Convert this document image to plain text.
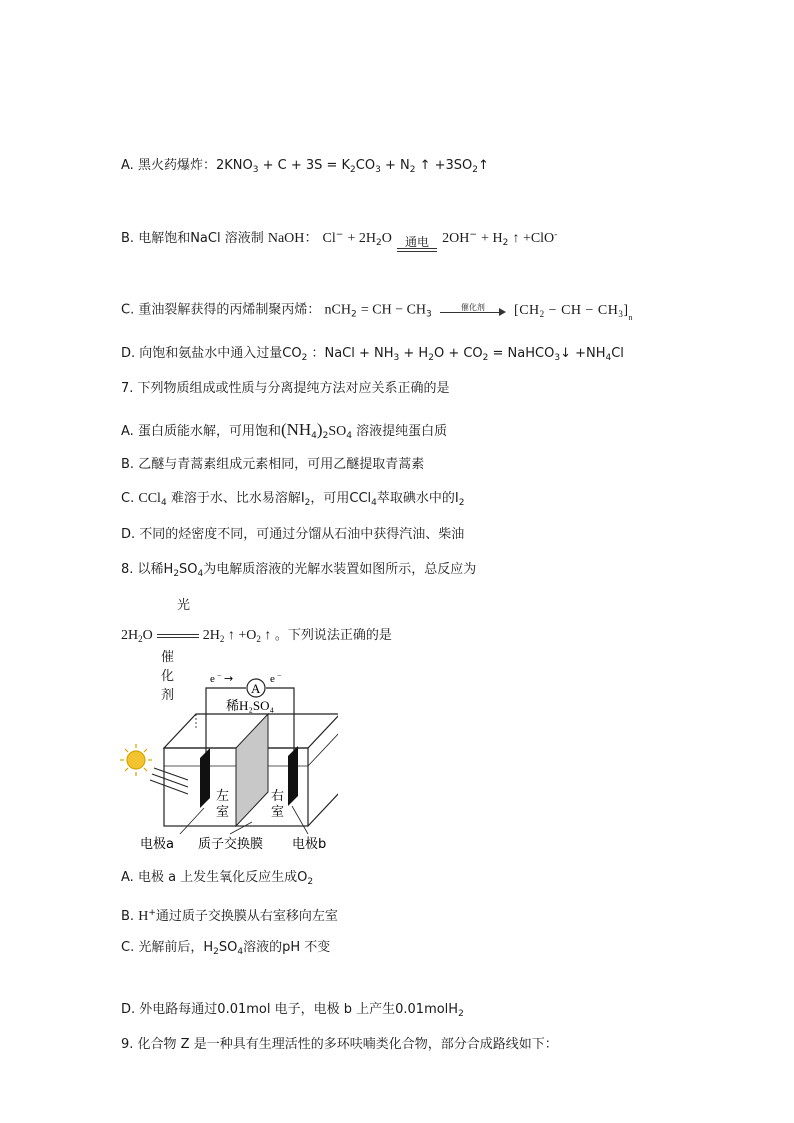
A. 黑火药爆炸：$2KNO_3 + C + 3S = K_2CO_3 + N_2$ ↑ $+3SO_2↑$
B. 电解饱和NaCl 溶液制 NaOH： $Cl^- + 2H_2O$	通电 $2OH^- + H_2$ ↑ +ClO-
C. 重油裂解获得的丙烯制聚丙烯： nCH$_2$ = CH − $CH_3$
催化剂	[$CH_2$ − CH − $CH_3]_n$
D. 向饱和氨盐水中通入过量$CO_2$ ：NaCl + $NH_3 + H_2O + CO_2$ = NaHCO$_3$↓ $+NH_4Cl$
7. 下列物质组成或性质与分离提纯方法对应关系正确的是
A. 蛋白质能水解，可用饱和$(NH_4)_2SO_4$ 溶液提纯蛋白质
B. 乙醚与青蒿素组成元素相同，可用乙醚提取青蒿素
C. CCl$_4$ 难溶于水、比水易溶解$I_2$，可用CCl$_4$萃取碘水中的$I_2$
D. 不同的烃密度不同，可通过分馏从石油中获得汽油、柴油
8. 以稀$H_2SO_4$为电解质溶液的光解水装置如图所示，总反应为
光
$2H_2O$	$2H_2$ ↑ $+O_2$ ↑ 。下列说法正确的是
催化剂
e − →	e −
A
稀H₂SO₄
左
室
右
室
电极a 质子交换膜 电极b
A. 电极 a 上发生氧化反应生成$O_2$
B. H+通过质子交换膜从右室移向左室
C. 光解前后，$H_2SO_4$溶液的pH 不变
D. 外电路每通过0.01mol 电子，电极 b 上产生0.01molH$_2$
9. 化合物 Z 是一种具有生理活性的多环呋喃类化合物，部分合成路线如下：
